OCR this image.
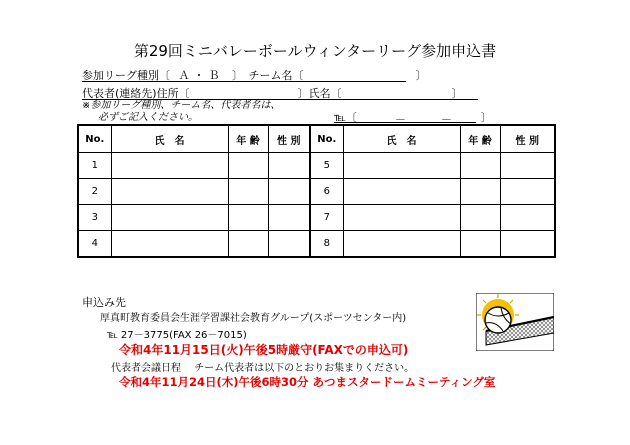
第29回ミニバレーボールウィンターリーグ参加申込書
参加リーグ種別〔 Ａ・Ｂ 〕 チーム名〔	〕
代表者(連絡先)住所〔	〕氏名〔	〕
※参加リーグ種別、チーム名、代表者名は、
必ずご記入ください。	℡〔	－	－	〕
No.	氏　名	年 齢	性 別	No.	氏　名	年 齢	性 別
1				5			
2				6			
3				7			
4				8			
申込み先
厚真町教育委員会生涯学習課社会教育グループ(スポーツセンター内)
℡ 27－3775(FAX 26－7015)
令和4年11月15日(火)午後5時厳守(FAXでの申込可)
代表者会議日程　 チーム代表者は以下のとおりお集まりください。
令和4年11月24日(木)午後6時30分 あつまスタードームミーティング室
